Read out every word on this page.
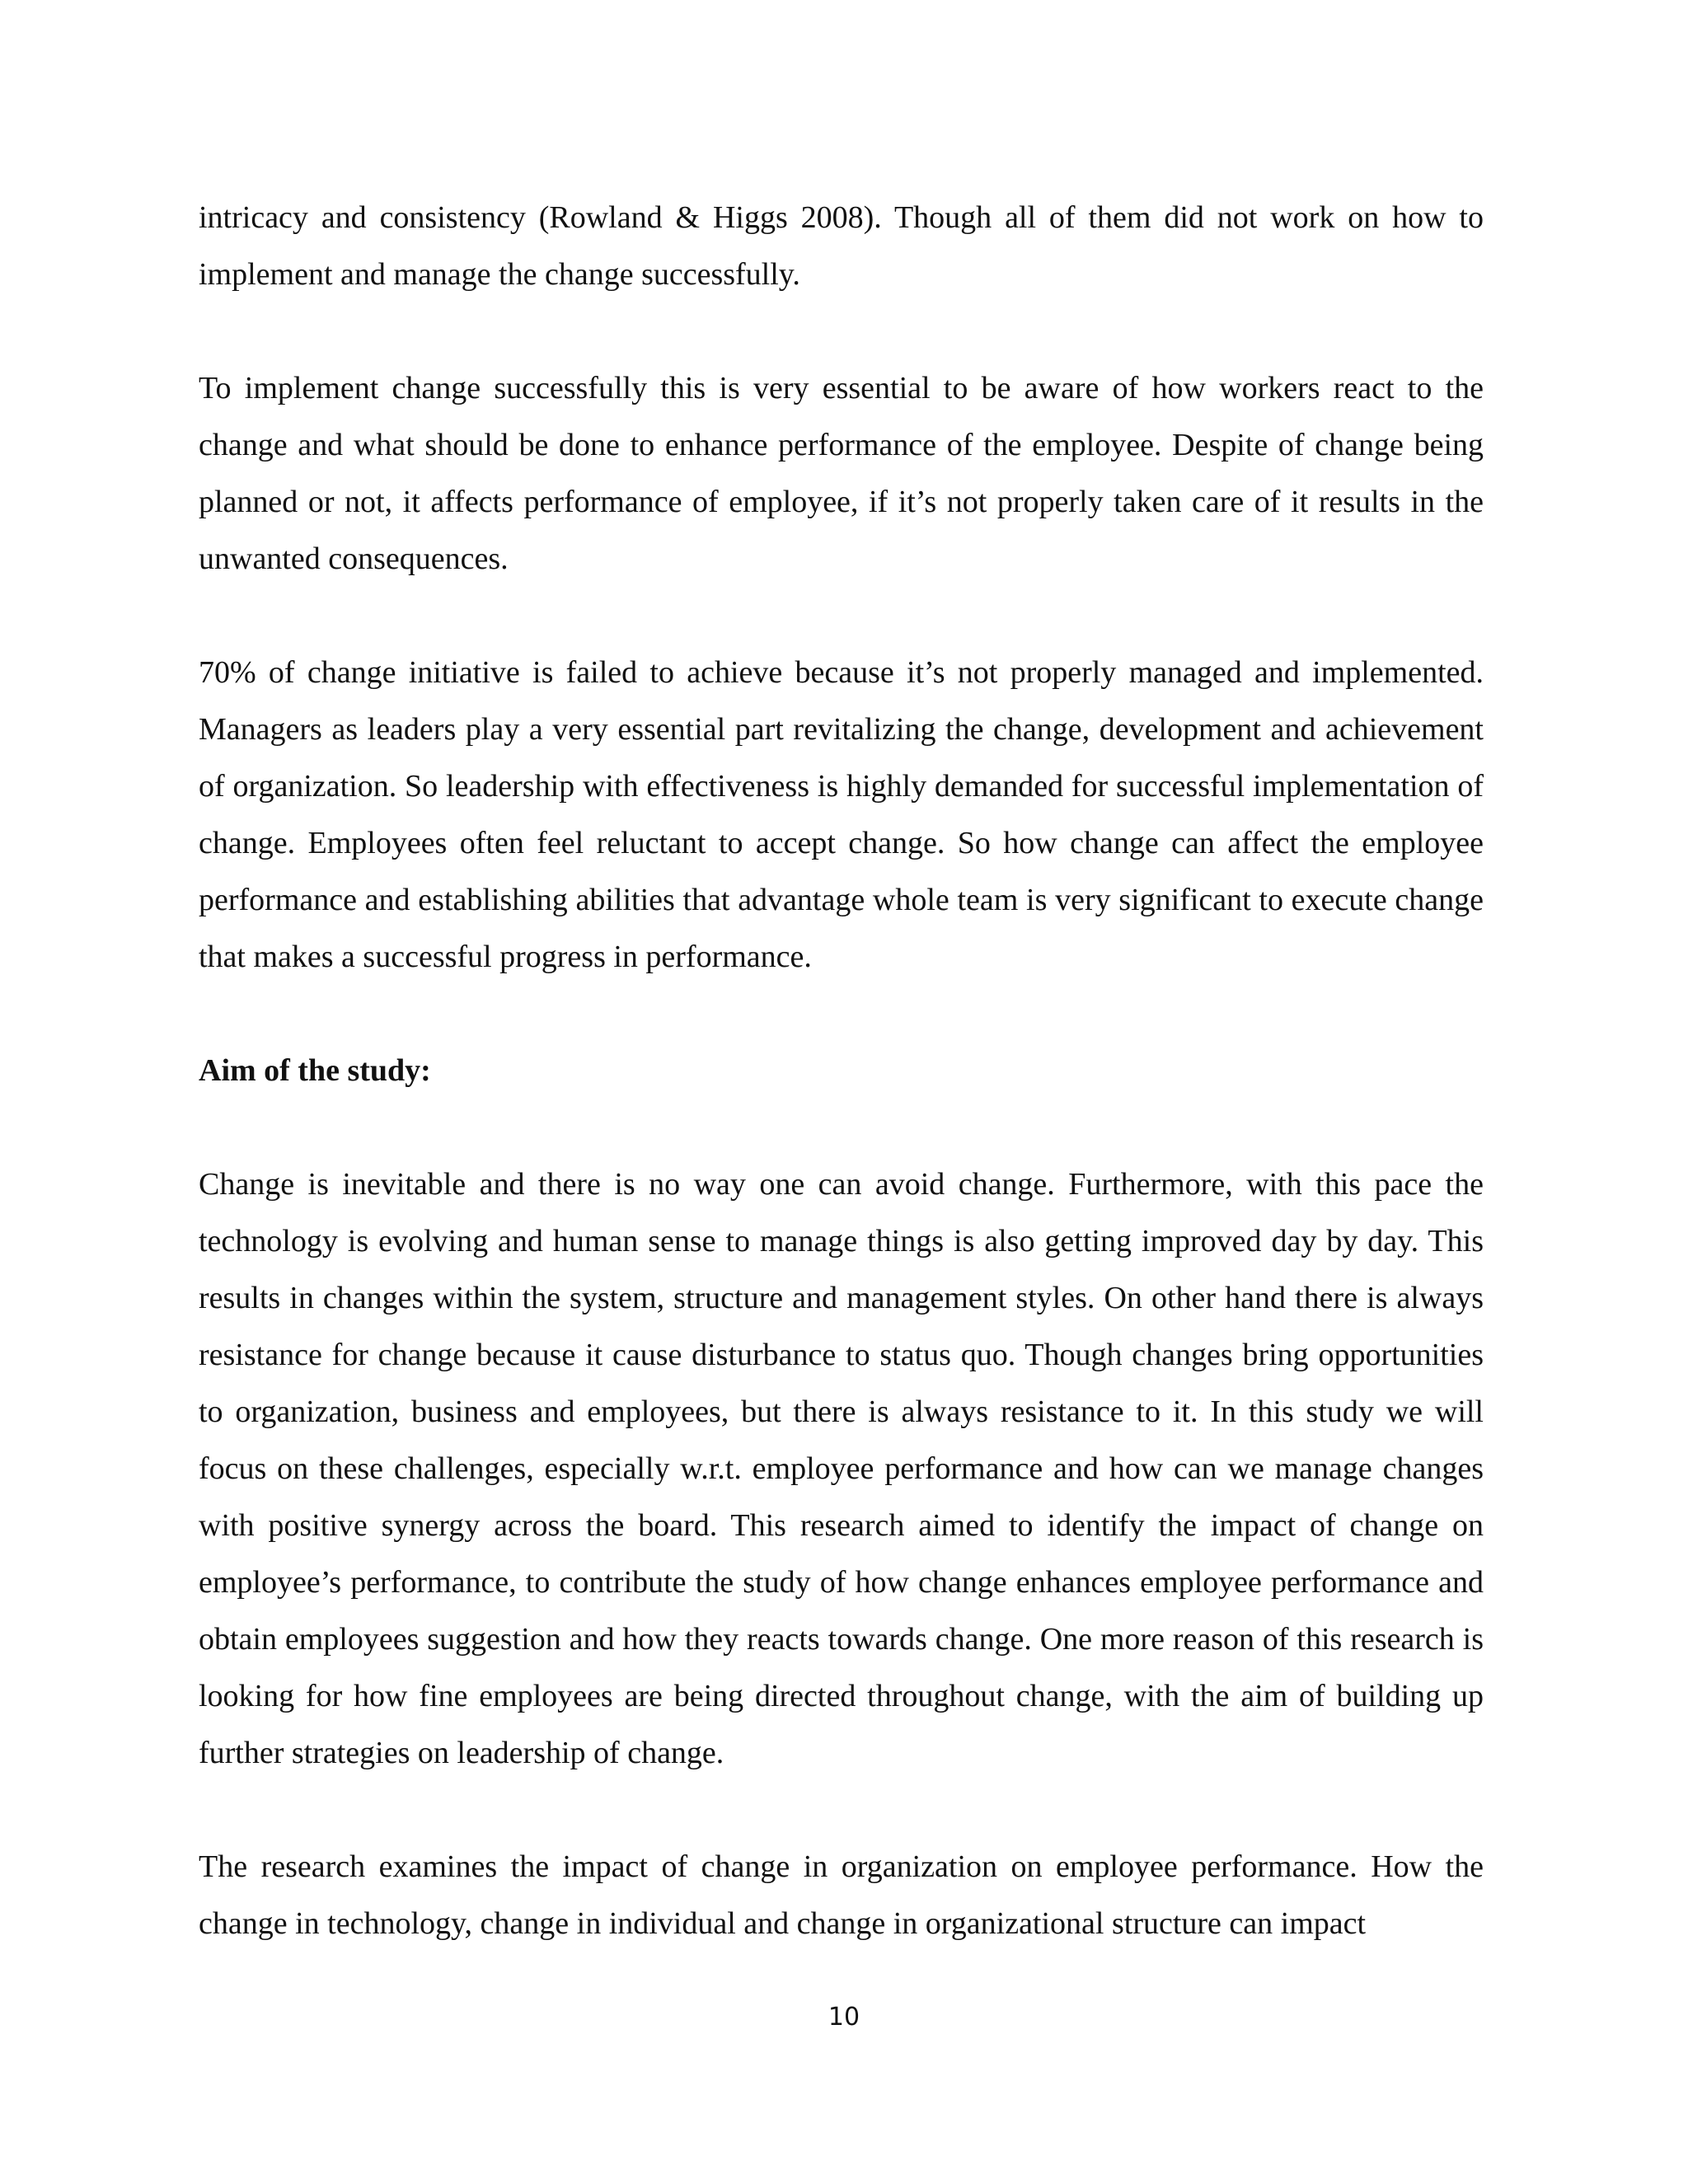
intricacy and consistency (Rowland & Higgs 2008). Though all of them did not work on how to implement and manage the change successfully.

To implement change successfully this is very essential to be aware of how workers react to the change and what should be done to enhance performance of the employee. Despite of change being planned or not, it affects performance of employee, if it’s not properly taken care of it results in the unwanted consequences.

70% of change initiative is failed to achieve because it’s not properly managed and implemented. Managers as leaders play a very essential part revitalizing the change, development and achievement of organization. So leadership with effectiveness is highly demanded for successful implementation of change. Employees often feel reluctant to accept change. So how change can affect the employee performance and establishing abilities that advantage whole team is very significant to execute change that makes a successful progress in performance.

Aim of the study:

Change is inevitable and there is no way one can avoid change. Furthermore, with this pace the technology is evolving and human sense to manage things is also getting improved day by day. This results in changes within the system, structure and management styles. On other hand there is always resistance for change because it cause disturbance to status quo. Though changes bring opportunities to organization, business and employees, but there is always resistance to it. In this study we will focus on these challenges, especially w.r.t. employee performance and how can we manage changes with positive synergy across the board. This research aimed to identify the impact of change on employee’s performance, to contribute the study of how change enhances employee performance and obtain employees suggestion and how they reacts towards change. One more reason of this research is looking for how fine employees are being directed throughout change, with the aim of building up further strategies on leadership of change.

The research examines the impact of change in organization on employee performance. How the change in technology, change in individual and change in organizational structure can impact

10
